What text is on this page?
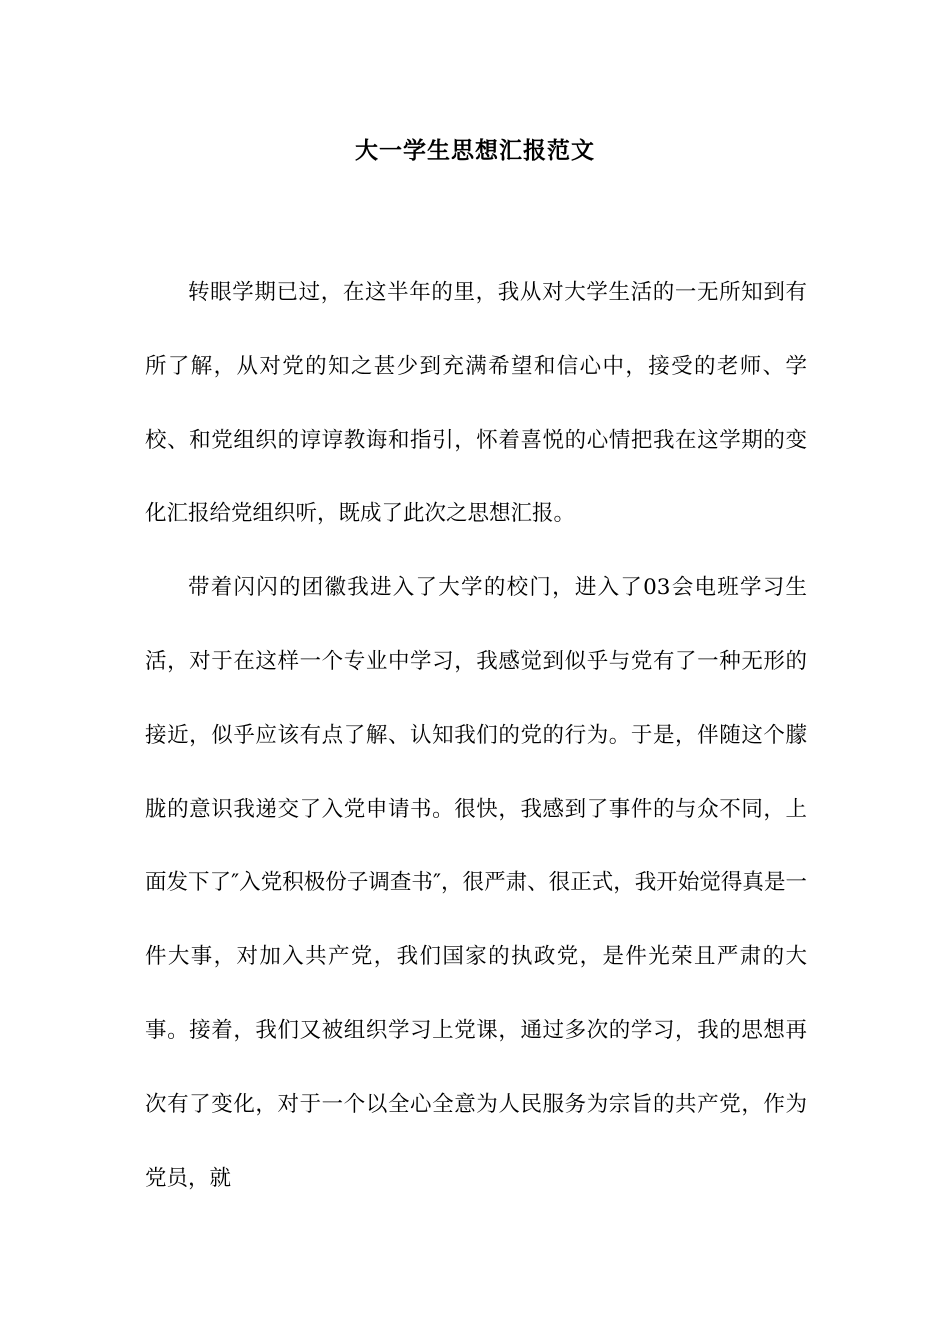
大一学生思想汇报范文

转眼学期已过，在这半年的里，我从对大学生活的一无所知到有所了解，从对党的知之甚少到充满希望和信心中，接受的老师、学校、和党组织的谆谆教诲和指引，怀着喜悦的心情把我在这学期的变化汇报给党组织听，既成了此次之思想汇报。

带着闪闪的团徽我进入了大学的校门，进入了03会电班学习生活，对于在这样一个专业中学习，我感觉到似乎与党有了一种无形的接近，似乎应该有点了解、认知我们的党的行为。于是，伴随这个朦胧的意识我递交了入党申请书。很快，我感到了事件的与众不同，上面发下了″入党积极份子调查书″，很严肃、很正式，我开始觉得真是一件大事，对加入共产党，我们国家的执政党，是件光荣且严肃的大事。接着，我们又被组织学习上党课，通过多次的学习，我的思想再次有了变化，对于一个以全心全意为人民服务为宗旨的共产党，作为党员，就
